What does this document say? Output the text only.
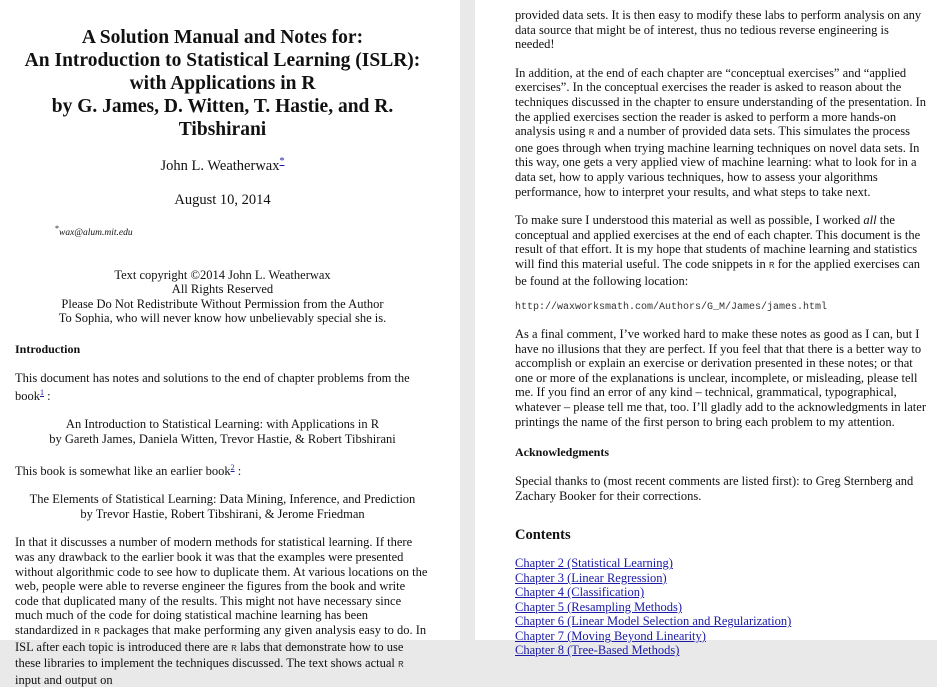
A Solution Manual and Notes for:
An Introduction to Statistical Learning (ISLR):
with Applications in R
by G. James, D. Witten, T. Hastie, and R. Tibshirani
John L. Weatherwax*
August 10, 2014
*wax@alum.mit.edu
Text copyright ©2014 John L. Weatherwax
All Rights Reserved
Please Do Not Redistribute Without Permission from the Author
To Sophia, who will never know how unbelievably special she is.
Introduction

This document has notes and solutions to the end of chapter problems from the book$^1$ :

An Introduction to Statistical Learning: with Applications in R
by Gareth James, Daniela Witten, Trevor Hastie, & Robert Tibshirani

This book is somewhat like an earlier book$^2$ :

The Elements of Statistical Learning: Data Mining, Inference, and Prediction
by Trevor Hastie, Robert Tibshirani, & Jerome Friedman

In that it discusses a number of modern methods for statistical learning. If there was any drawback to the earlier book it was that the examples were presented without algorithmic code to see how to duplicate them. At various locations on the web, people were able to reverse engineer the figures from the book and write code that duplicated many of the results. This might not have necessary since much much of the code for doing statistical machine learning has been standardized in R packages that make performing any given analysis easy to do. In ISL after each topic is introduced there are R labs that demonstrate how to use these libraries to implement the techniques discussed. The text shows actual R input and output on

provided data sets. It is then easy to modify these labs to perform analysis on any data source that might be of interest, thus no tedious reverse engineering is needed!

In addition, at the end of each chapter are “conceptual exercises” and “applied exercises”. In the conceptual exercises the reader is asked to reason about the techniques discussed in the chapter to ensure understanding of the presentation. In the applied exercises section the reader is asked to perform a more hands-on analysis using R and a number of provided data sets. This simulates the process one goes through when trying machine learning techniques on novel data sets. In this way, one gets a very applied view of machine learning: what to look for in a data set, how to apply various techniques, how to assess your algorithms performance, how to interpret your results, and what steps to take next.

To make sure I understood this material as well as possible, I worked all the conceptual and applied exercises at the end of each chapter. This document is the result of that effort. It is my hope that students of machine learning and statistics will find this material useful. The code snippets in R for the applied exercises can be found at the following location:

http://waxworksmath.com/Authors/G_M/James/james.html

As a final comment, I’ve worked hard to make these notes as good as I can, but I have no illusions that they are perfect. If you feel that that there is a better way to accomplish or explain an exercise or derivation presented in these notes; or that one or more of the explanations is unclear, incomplete, or misleading, please tell me. If you find an error of any kind – technical, grammatical, typographical, whatever – please tell me that, too. I’ll gladly add to the acknowledgments in later printings the name of the first person to bring each problem to my attention.

Acknowledgments

Special thanks to (most recent comments are listed first): to Greg Sternberg and Zachary Booker for their corrections.

Contents
Chapter 2 (Statistical Learning)
Chapter 3 (Linear Regression)
Chapter 4 (Classification)
Chapter 5 (Resampling Methods)
Chapter 6 (Linear Model Selection and Regularization)
Chapter 7 (Moving Beyond Linearity)
Chapter 8 (Tree-Based Methods)
